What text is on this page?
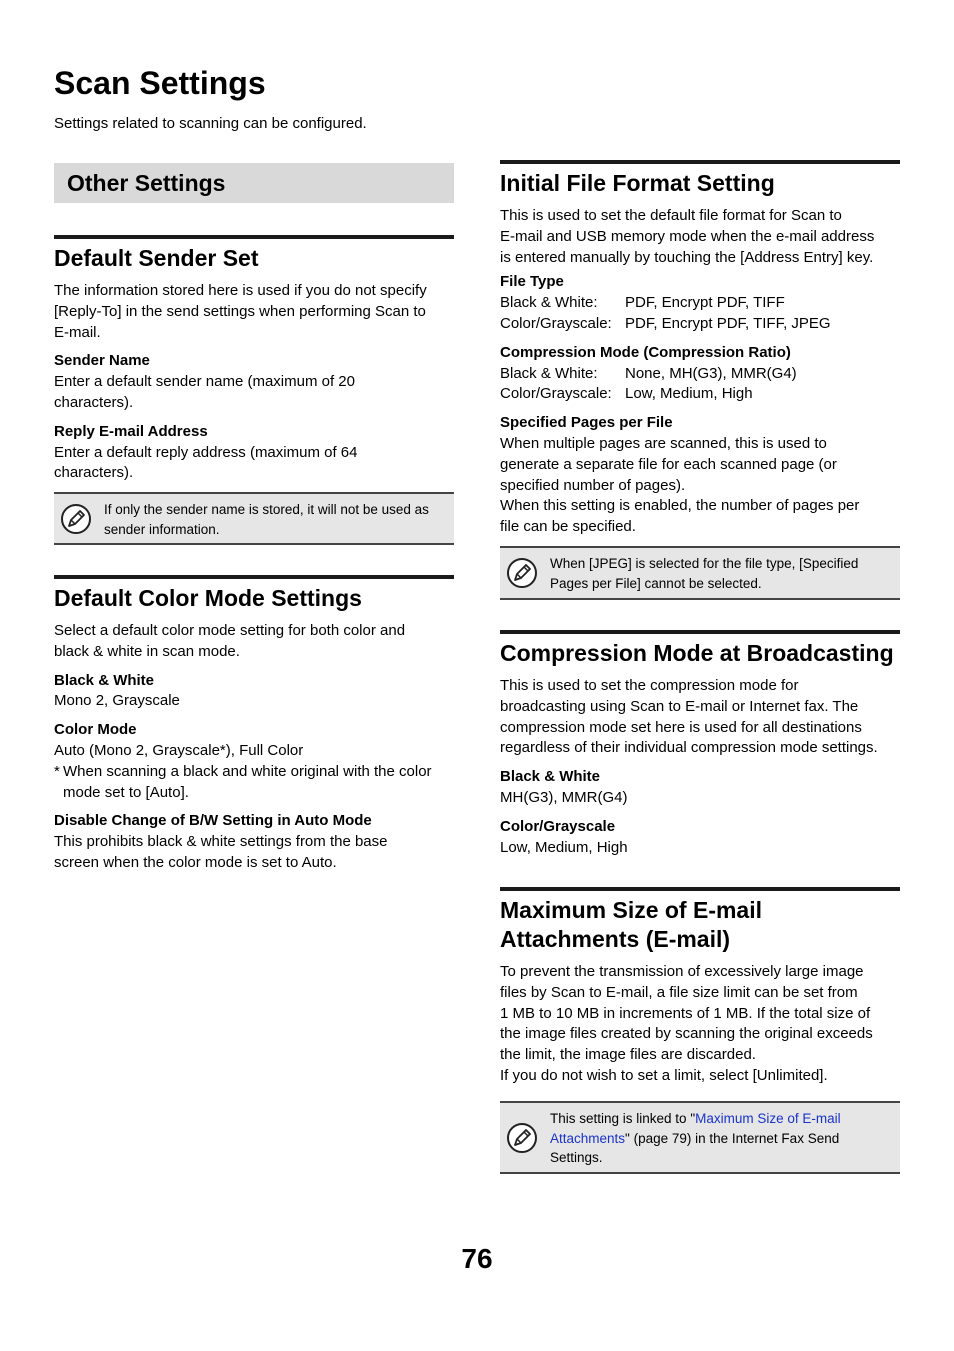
Scan Settings

Settings related to scanning can be configured.

Other Settings
Default Sender Set

The information stored here is used if you do not specify

[Reply-To] in the send settings when performing Scan to

E-mail.

Sender Name

Enter a default sender name (maximum of 20

characters).

Reply E-mail Address

Enter a default reply address (maximum of 64

characters).

If only the sender name is stored, it will not be used as
sender information.
Default Color Mode Settings

Select a default color mode setting for both color and

black & white in scan mode.

Black & White

Mono 2, Grayscale

Color Mode

Auto (Mono 2, Grayscale*), Full Color

* When scanning a black and white original with the color
mode set to [Auto].

Disable Change of B/W Setting in Auto Mode

This prohibits black & white settings from the base

screen when the color mode is set to Auto.

Initial File Format Setting

This is used to set the default file format for Scan to

E-mail and USB memory mode when the e-mail address

is entered manually by touching the [Address Entry] key.

File Type

Black & White:	PDF, Encrypt PDF, TIFF
Color/Grayscale: PDF, Encrypt PDF, TIFF, JPEG

Compression Mode (Compression Ratio)

Black & White:	None, MH(G3), MMR(G4)
Color/Grayscale: Low, Medium, High

Specified Pages per File

When multiple pages are scanned, this is used to

generate a separate file for each scanned page (or

specified number of pages).

When this setting is enabled, the number of pages per

file can be specified.

When [JPEG] is selected for the file type, [Specified
Pages per File] cannot be selected.
Compression Mode at Broadcasting

This is used to set the compression mode for

broadcasting using Scan to E-mail or Internet fax. The

compression mode set here is used for all destinations

regardless of their individual compression mode settings.

Black & White

MH(G3), MMR(G4)

Color/Grayscale

Low, Medium, High

Maximum Size of E-mail
Attachments (E-mail)

To prevent the transmission of excessively large image

files by Scan to E-mail, a file size limit can be set from

1 MB to 10 MB in increments of 1 MB. If the total size of

the image files created by scanning the original exceeds

the limit, the image files are discarded.

If you do not wish to set a limit, select [Unlimited].

This setting is linked to "Maximum Size of E-mail
Attachments" (page 79) in the Internet Fax Send
Settings.
76
